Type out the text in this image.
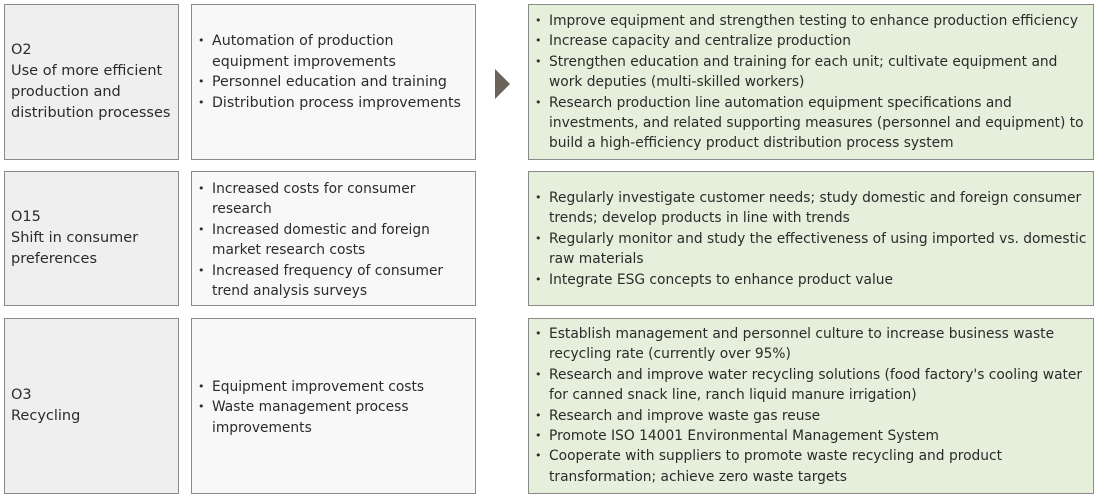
O2
Use of more efficient
production and
distribution processes
• Automation of production equipment improvements
• Personnel education and training
• Distribution process improvements
• Improve equipment and strengthen testing to enhance production efficiency
• Increase capacity and centralize production
• Strengthen education and training for each unit; cultivate equipment and work deputies (multi-skilled workers)
• Research production line automation equipment specifications and investments, and related supporting measures (personnel and equipment) to build a high-efficiency product distribution process system
O15
Shift in consumer
preferences
• Increased costs for consumer research
• Increased domestic and foreign market research costs
• Increased frequency of consumer trend analysis surveys
• Regularly investigate customer needs; study domestic and foreign consumer trends; develop products in line with trends
• Regularly monitor and study the effectiveness of using imported vs. domestic raw materials
• Integrate ESG concepts to enhance product value
O3
Recycling
• Equipment improvement costs
• Waste management process improvements
• Establish management and personnel culture to increase business waste recycling rate (currently over 95%)
• Research and improve water recycling solutions (food factory's cooling water for canned snack line, ranch liquid manure irrigation)
• Research and improve waste gas reuse
• Promote ISO 14001 Environmental Management System
• Cooperate with suppliers to promote waste recycling and product transformation; achieve zero waste targets
